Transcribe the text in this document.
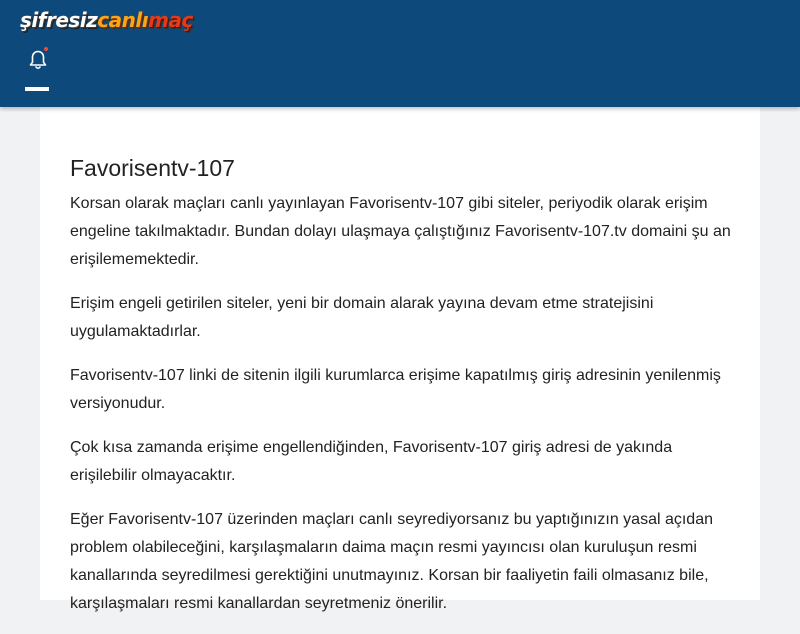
şifresizcanlımaç
Favorisentv-107

Korsan olarak maçları canlı yayınlayan Favorisentv-107 gibi siteler, periyodik olarak erişim engeline takılmaktadır. Bundan dolayı ulaşmaya çalıştığınız Favorisentv-107.tv domaini şu an erişilememektedir.

Erişim engeli getirilen siteler, yeni bir domain alarak yayına devam etme stratejisini uygulamaktadırlar.

Favorisentv-107 linki de sitenin ilgili kurumlarca erişime kapatılmış giriş adresinin yenilenmiş versiyonudur.

Çok kısa zamanda erişime engellendiğinden, Favorisentv-107 giriş adresi de yakında erişilebilir olmayacaktır.

Eğer Favorisentv-107 üzerinden maçları canlı seyrediyorsanız bu yaptığınızın yasal açıdan problem olabileceğini, karşılaşmaların daima maçın resmi yayıncısı olan kuruluşun resmi kanallarında seyredilmesi gerektiğini unutmayınız. Korsan bir faaliyetin faili olmasanız bile, karşılaşmaları resmi kanallardan seyretmeniz önerilir.
